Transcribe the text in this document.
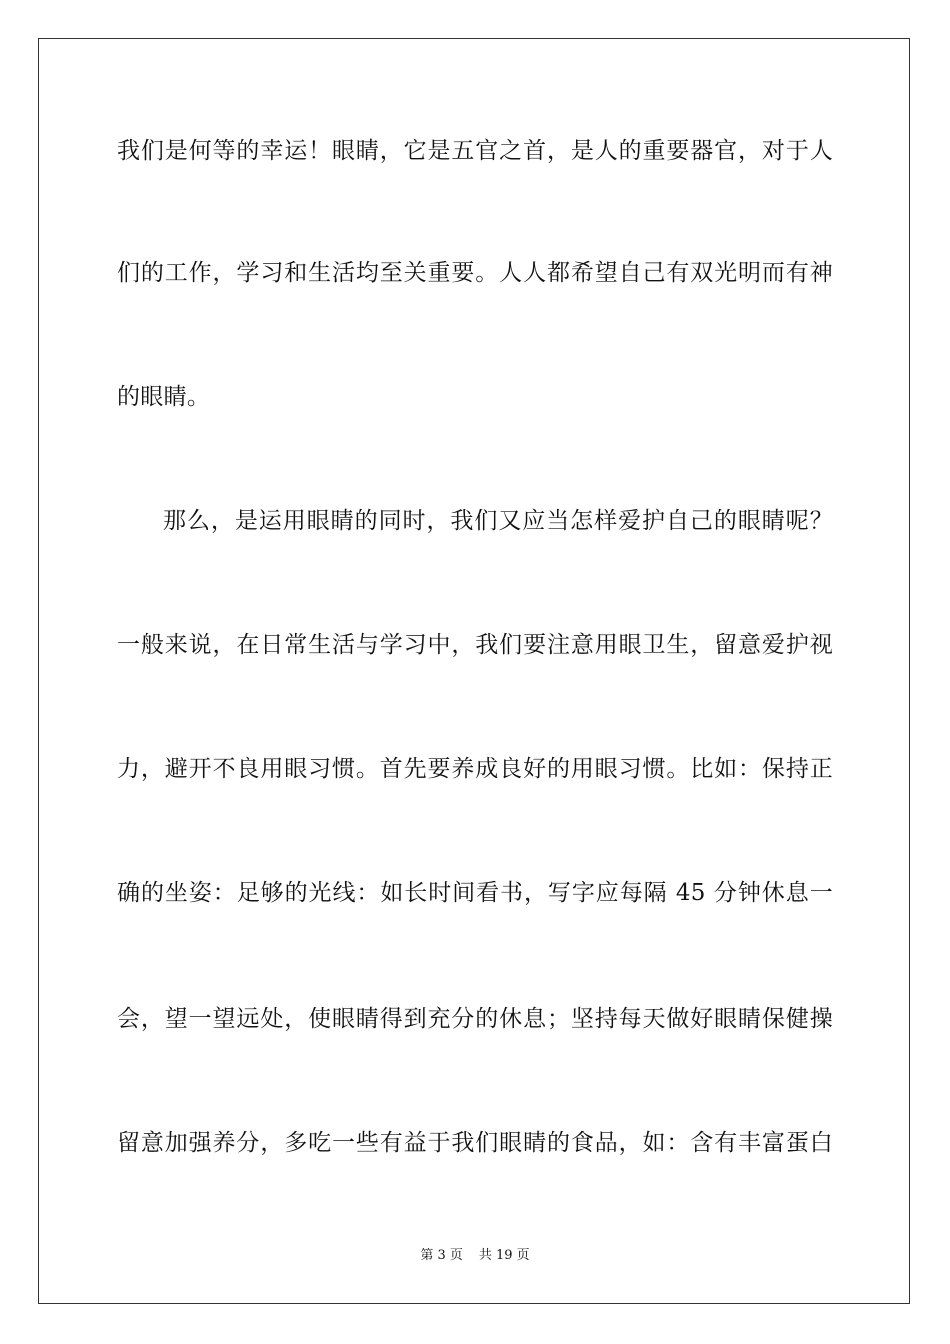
我们是何等的幸运！眼睛，它是五官之首，是人的重要器官，对于人
们的工作，学习和生活均至关重要。人人都希望自己有双光明而有神
的眼睛。
那么，是运用眼睛的同时，我们又应当怎样爱护自己的眼睛呢？
一般来说，在日常生活与学习中，我们要注意用眼卫生，留意爱护视
力，避开不良用眼习惯。首先要养成良好的用眼习惯。比如：保持正
确的坐姿：足够的光线：如长时间看书，写字应每隔 45 分钟休息一
会，望一望远处，使眼睛得到充分的休息；坚持每天做好眼睛保健操
留意加强养分，多吃一些有益于我们眼睛的食品，如：含有丰富蛋白
第 3 页 共 19 页
